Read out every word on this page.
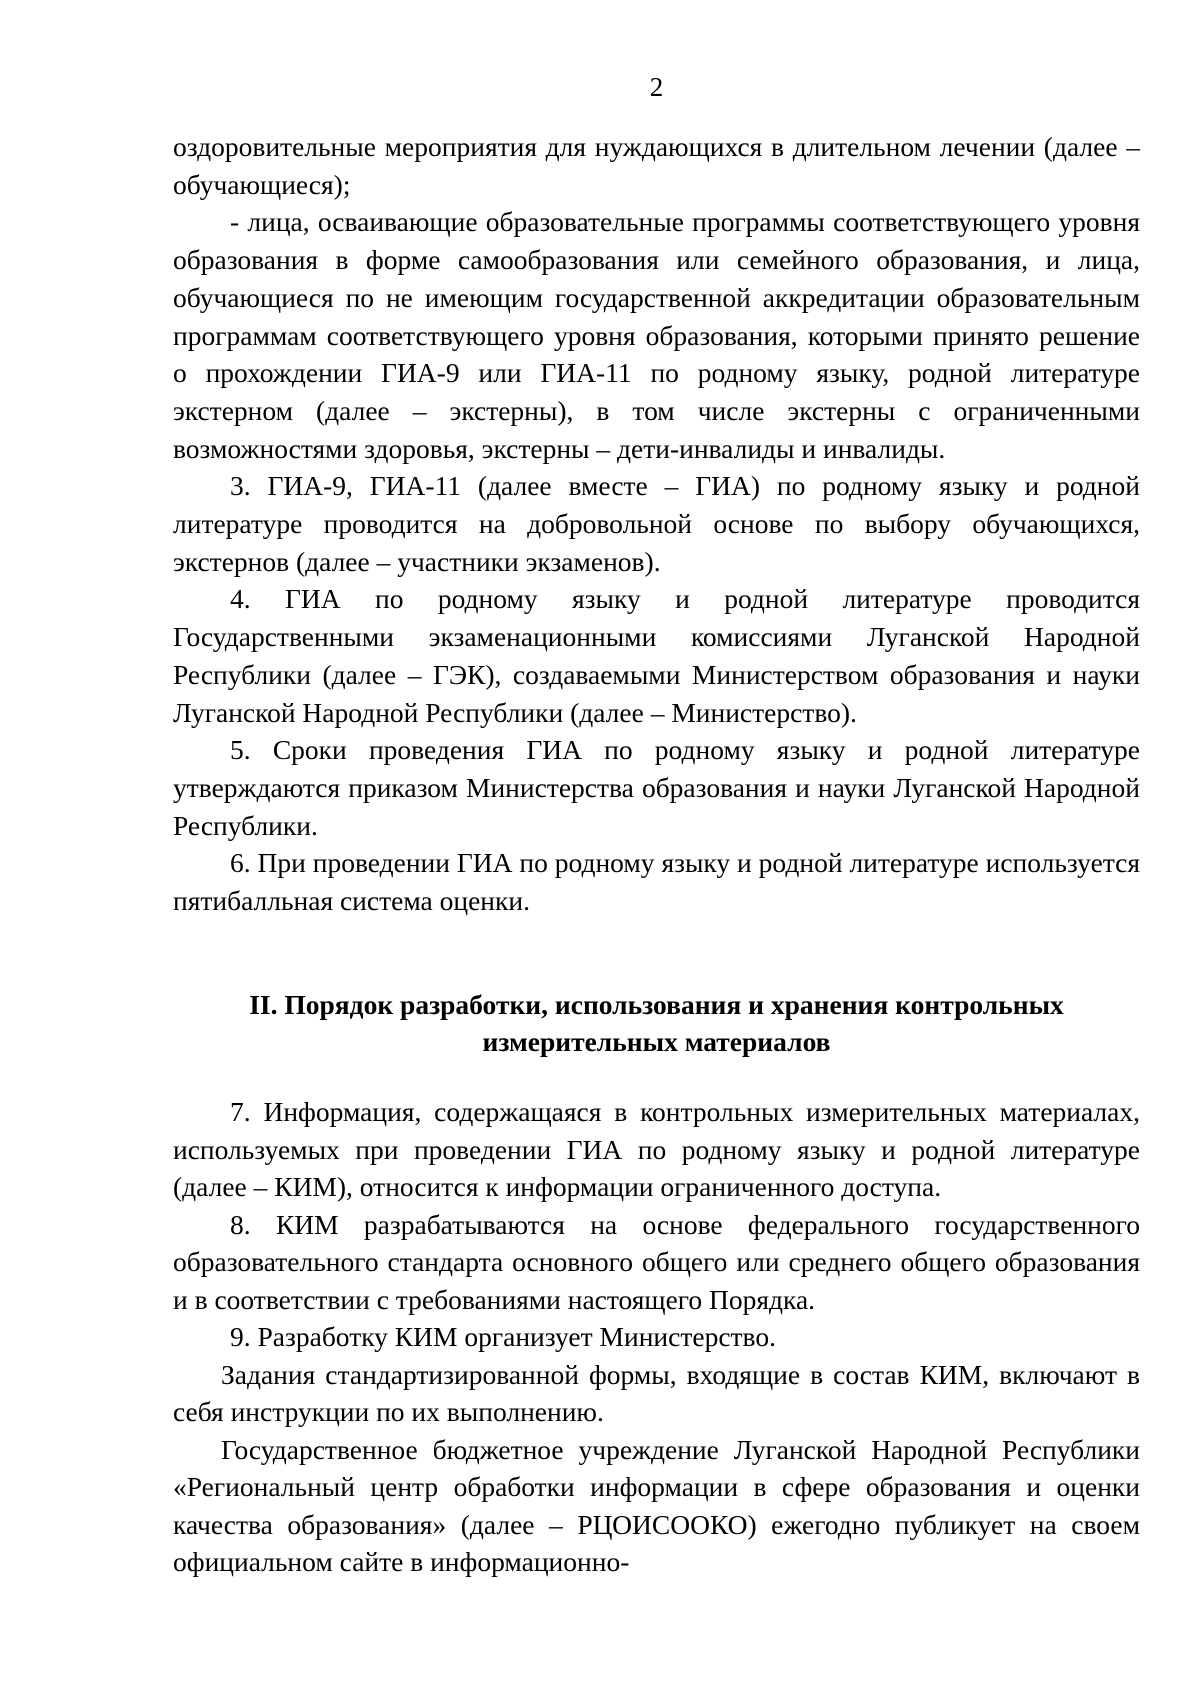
2

оздоровительные мероприятия для нуждающихся в длительном лечении (далее – обучающиеся);

- лица, осваивающие образовательные программы соответствующего уровня образования в форме самообразования или семейного образования, и лица, обучающиеся по не имеющим государственной аккредитации образовательным программам соответствующего уровня образования, которыми принято решение о прохождении ГИА-9 или ГИА-11 по родному языку, родной литературе экстерном (далее – экстерны), в том числе экстерны с ограниченными возможностями здоровья, экстерны – дети-инвалиды и инвалиды.

3. ГИА-9, ГИА-11 (далее вместе – ГИА) по родному языку и родной литературе проводится на добровольной основе по выбору обучающихся, экстернов (далее – участники экзаменов).

4. ГИА по родному языку и родной литературе проводится Государственными экзаменационными комиссиями Луганской Народной Республики (далее – ГЭК), создаваемыми Министерством образования и науки Луганской Народной Республики (далее – Министерство).

5. Сроки проведения ГИА по родному языку и родной литературе утверждаются приказом Министерства образования и науки Луганской Народной Республики.

6. При проведении ГИА по родному языку и родной литературе используется пятибалльная система оценки.

II. Порядок разработки, использования и хранения контрольных
измерительных материалов

7. Информация, содержащаяся в контрольных измерительных материалах, используемых при проведении ГИА по родному языку и родной литературе (далее – КИМ), относится к информации ограниченного доступа.

8. КИМ разрабатываются на основе федерального государственного образовательного стандарта основного общего или среднего общего образования и в соответствии с требованиями настоящего Порядка.

9. Разработку КИМ организует Министерство.

Задания стандартизированной формы, входящие в состав КИМ, включают в себя инструкции по их выполнению.

Государственное бюджетное учреждение Луганской Народной Республики «Региональный центр обработки информации в сфере образования и оценки качества образования» (далее – РЦОИСООКО) ежегодно публикует на своем официальном сайте в информационно-
